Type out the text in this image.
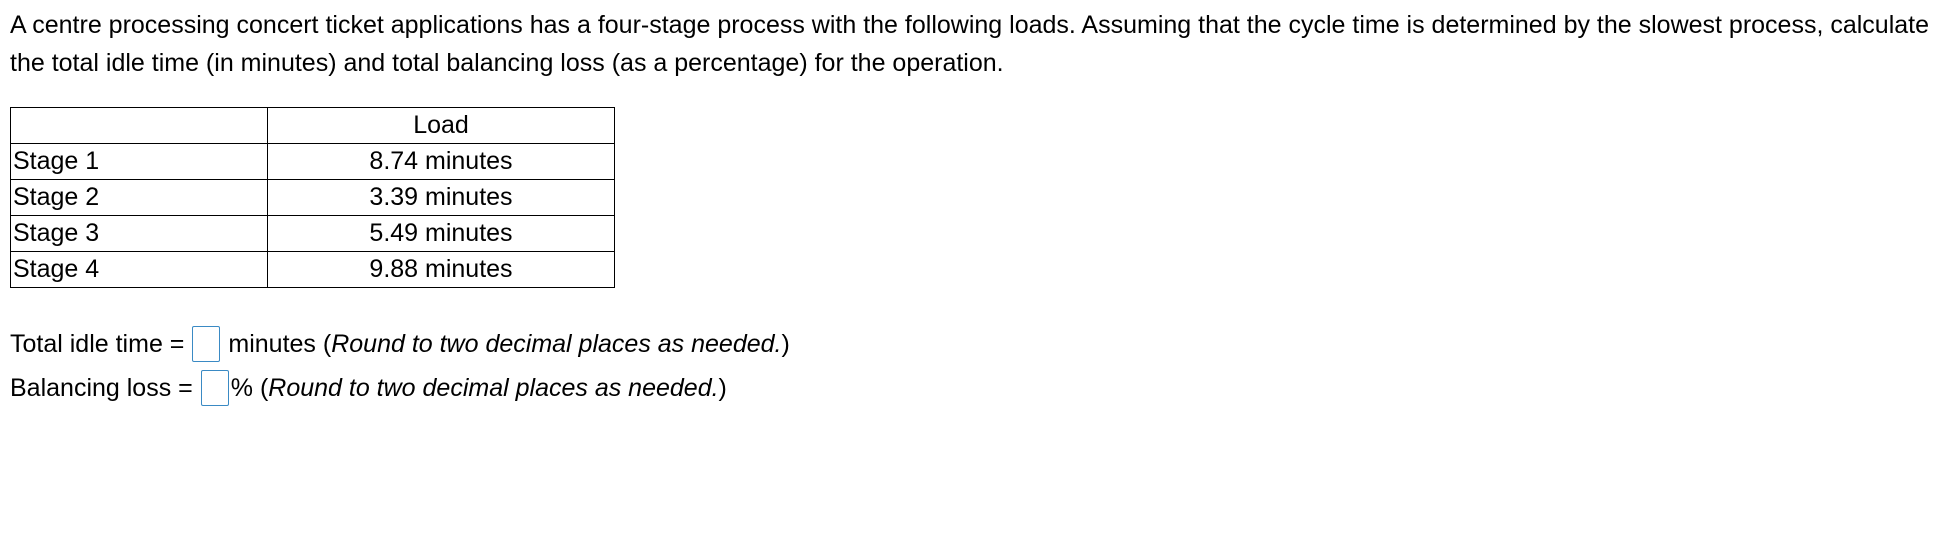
A centre processing concert ticket applications has a four-stage process with the following loads. Assuming that the cycle time is determined by the slowest process, calculate the total idle time (in minutes) and total balancing loss (as a percentage) for the operation.
	Load
Stage 1	8.74 minutes
Stage 2	3.39 minutes
Stage 3	5.49 minutes
Stage 4	9.88 minutes
Total idle time = minutes ( Round to two decimal places as needed. )
Balancing loss = % ( Round to two decimal places as needed. )
